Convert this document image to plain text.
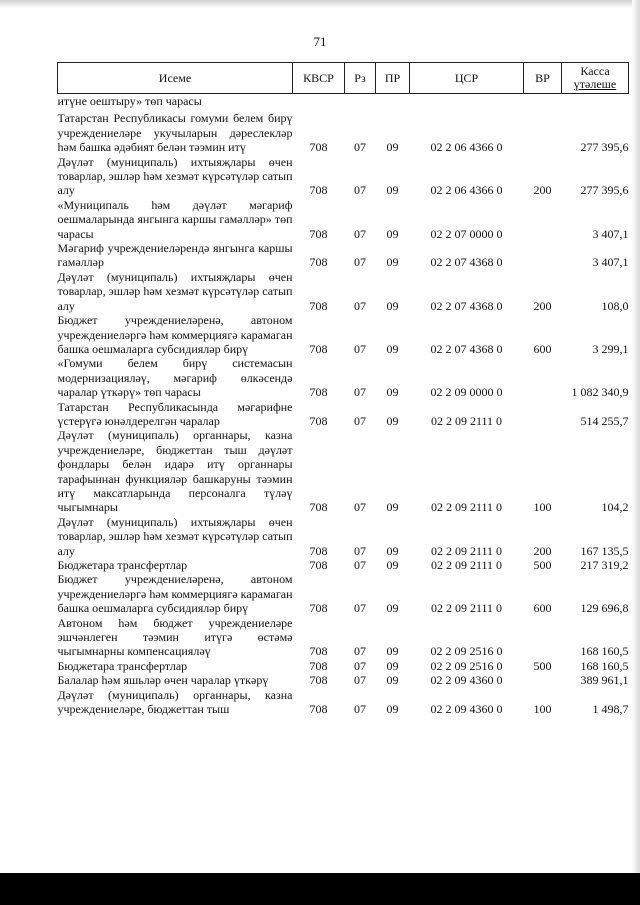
71
Исеме	КВСР	Рз	ПР	ЦСР	ВР	Касса
үтәлеше

итүне оештыру» төп чарасы						

Татарстан Республикасы гомуми белем бирү учреждениеләре укучыларын дәреслекләр һәм башка әдәбият белән тәэмин итү	708	07	09	02 2 06 4366 0		277 395,6
Дәүләт (муниципаль) ихтыяҗлары өчен товарлар, эшләр һәм хезмәт күрсәтүләр сатып алу	708	07	09	02 2 06 4366 0	200	277 395,6
«Муниципаль һәм дәүләт мәгариф оешмаларында янгынга каршы гамәлләр» төп чарасы	708	07	09	02 2 07 0000 0		3 407,1
Мәгариф учреждениеләрендә янгынга каршы гамәлләр	708	07	09	02 2 07 4368 0		3 407,1
Дәүләт (муниципаль) ихтыяҗлары өчен товарлар, эшләр һәм хезмәт күрсәтүләр сатып алу	708	07	09	02 2 07 4368 0	200	108,0
Бюджет учреждениеләренә, автоном учреждениеләргә һәм коммерциягә карамаган башка оешмаларга субсидияләр бирү	708	07	09	02 2 07 4368 0	600	3 299,1
«Гомуми белем бирү системасын модернизацияләү, мәгариф өлкәсендә чаралар үткәрү» төп чарасы	708	07	09	02 2 09 0000 0		1 082 340,9
Татарстан Республикасында мәгарифне үстерүгә юнәлдерелгән чаралар	708	07	09	02 2 09 2111 0		514 255,7
Дәүләт (муниципаль) органнары, казна учреждениеләре, бюджеттан тыш дәүләт фондлары белән идарә итү органнары тарафыннан функцияләр башкаруны тәэмин итү максатларында персоналга түләү чыгымнары	708	07	09	02 2 09 2111 0	100	104,2
Дәүләт (муниципаль) ихтыяҗлары өчен товарлар, эшләр һәм хезмәт күрсәтүләр сатып алу	708	07	09	02 2 09 2111 0	200	167 135,5
Бюджетара трансфертлар	708	07	09	02 2 09 2111 0	500	217 319,2
Бюджет учреждениеләренә, автоном учреждениеләргә һәм коммерциягә карамаган башка оешмаларга субсидияләр бирү	708	07	09	02 2 09 2111 0	600	129 696,8
Автоном һәм бюджет учреждениеләре эшчәнлеген тәэмин итүгә өстәмә чыгымнарны компенсацияләү	708	07	09	02 2 09 2516 0		168 160,5
Бюджетара трансфертлар	708	07	09	02 2 09 2516 0	500	168 160,5
Балалар һәм яшьләр өчен чаралар үткәрү	708	07	09	02 2 09 4360 0		389 961,1
Дәүләт (муниципаль) органнары, казна учреждениеләре, бюджеттан тыш	708	07	09	02 2 09 4360 0	100	1 498,7
